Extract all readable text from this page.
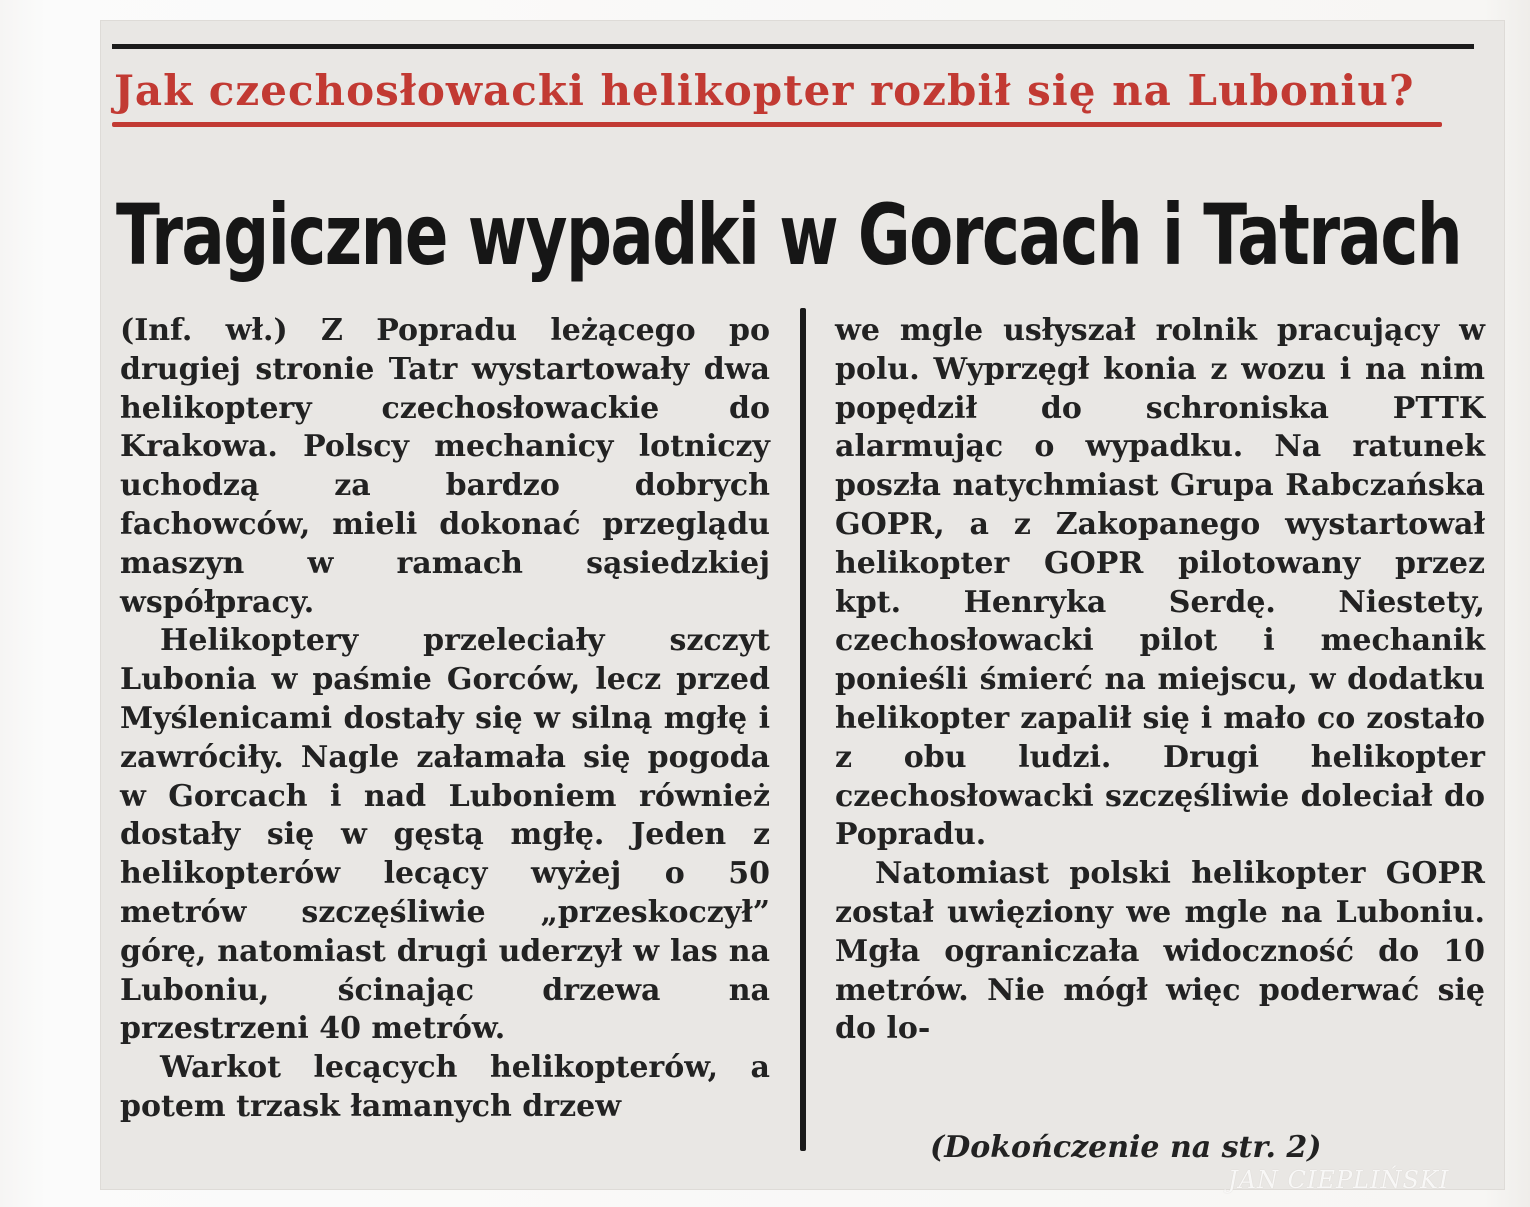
Jak czechosłowacki helikopter rozbił się na Luboniu?
Tragiczne wypadki w Gorcach i Tatrach

(Inf. wł.) Z Popradu leżącego po drugiej stronie Tatr wystartowały dwa helikoptery czechosłowackie do Krakowa. Polscy mechanicy lotniczy uchodzą za bardzo dobrych fachowców, mieli dokonać przeglądu maszyn w ramach sąsiedzkiej współpracy.

Helikoptery przeleciały szczyt Lubonia w paśmie Gorców, lecz przed Myślenicami dostały się w silną mgłę i zawróciły. Nagle załamała się pogoda w Gorcach i nad Luboniem również dostały się w gęstą mgłę. Jeden z helikopterów lecący wyżej o 50 metrów szczęśliwie „przeskoczył” górę, natomiast drugi uderzył w las na Luboniu, ścinając drzewa na przestrzeni 40 metrów.

Warkot lecących helikopterów, a potem trzask łamanych drzew

we mgle usłyszał rolnik pracujący w polu. Wyprzęgł konia z wozu i na nim popędził do schroniska PTTK alarmując o wypadku. Na ratunek poszła natychmiast Grupa Rabczańska GOPR, a z Zakopanego wystartował helikopter GOPR pilotowany przez kpt. Henryka Serdę. Niestety, czechosłowacki pilot i mechanik ponieśli śmierć na miejscu, w dodatku helikopter zapalił się i mało co zostało z obu ludzi. Drugi helikopter czechosłowacki szczęśliwie doleciał do Popradu.

Natomiast polski helikopter GOPR został uwięziony we mgle na Luboniu. Mgła ograniczała widoczność do 10 metrów. Nie mógł więc poderwać się do lo-

(Dokończenie na str. 2)
JAN CIEPLIŃSKI
